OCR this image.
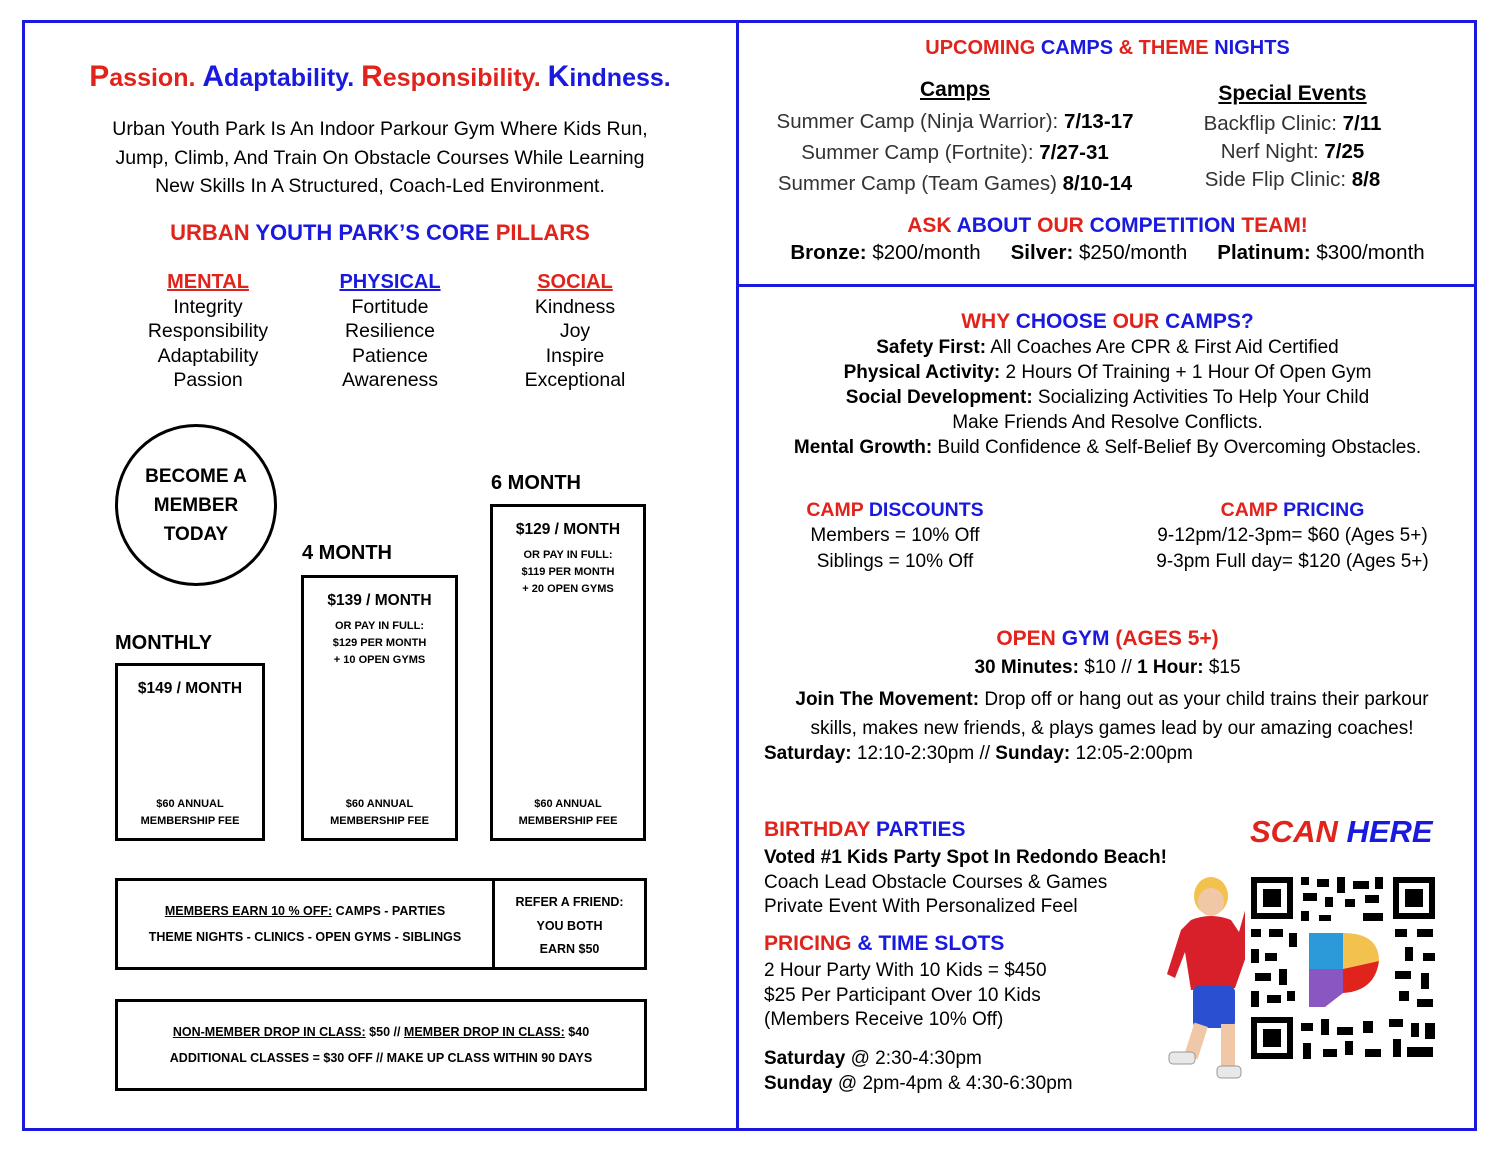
Passion. Adaptability. Responsibility. Kindness.
Urban Youth Park Is An Indoor Parkour Gym Where Kids Run,
Jump, Climb, And Train On Obstacle Courses While Learning
New Skills In A Structured, Coach-Led Environment.
URBAN YOUTH PARK’S CORE PILLARS
MENTAL
Integrity
Responsibility
Adaptability
Passion
PHYSICAL
Fortitude
Resilience
Patience
Awareness
SOCIAL
Kindness
Joy
Inspire
Exceptional
BECOME A
MEMBER
TODAY
MONTHLY
$149 / MONTH
$60 ANNUAL
MEMBERSHIP FEE
4 MONTH
$139 / MONTH
OR PAY IN FULL:
$129 PER MONTH
+ 10 OPEN GYMS
$60 ANNUAL
MEMBERSHIP FEE
6 MONTH
$129 / MONTH
OR PAY IN FULL:
$119 PER MONTH
+ 20 OPEN GYMS
$60 ANNUAL
MEMBERSHIP FEE
MEMBERS EARN 10 % OFF: CAMPS - PARTIES
THEME NIGHTS - CLINICS - OPEN GYMS - SIBLINGS
REFER A FRIEND:
YOU BOTH
EARN $50
NON-MEMBER DROP IN CLASS: $50 // MEMBER DROP IN CLASS: $40
ADDITIONAL CLASSES = $30 OFF // MAKE UP CLASS WITHIN 90 DAYS
UPCOMING CAMPS & THEME NIGHTS
Camps
Summer Camp (Ninja Warrior): 7/13-17
Summer Camp (Fortnite): 7/27-31
Summer Camp (Team Games) 8/10-14
Special Events
Backflip Clinic: 7/11
Nerf Night: 7/25
Side Flip Clinic: 8/8
ASK ABOUT OUR COMPETITION TEAM!
Bronze: $200/month Silver: $250/month Platinum: $300/month
WHY CHOOSE OUR CAMPS?
Safety First: All Coaches Are CPR & First Aid Certified
Physical Activity: 2 Hours Of Training + 1 Hour Of Open Gym
Social Development: Socializing Activities To Help Your Child
Make Friends And Resolve Conflicts.
Mental Growth: Build Confidence & Self-Belief By Overcoming Obstacles.
CAMP DISCOUNTS
Members = 10% Off
Siblings = 10% Off
CAMP PRICING
9-12pm/12-3pm= $60 (Ages 5+)
9-3pm Full day= $120 (Ages 5+)
OPEN GYM (AGES 5+)
30 Minutes: $10 // 1 Hour: $15
Join The Movement: Drop off or hang out as your child trains their parkour
skills, makes new friends, & plays games lead by our amazing coaches!
Saturday: 12:10-2:30pm // Sunday: 12:05-2:00pm
BIRTHDAY PARTIES
Voted #1 Kids Party Spot In Redondo Beach!
Coach Lead Obstacle Courses & Games
Private Event With Personalized Feel
PRICING & TIME SLOTS
2 Hour Party With 10 Kids = $450
$25 Per Participant Over 10 Kids
(Members Receive 10% Off)
Saturday @ 2:30-4:30pm
Sunday @ 2pm-4pm & 4:30-6:30pm
SCAN HERE
